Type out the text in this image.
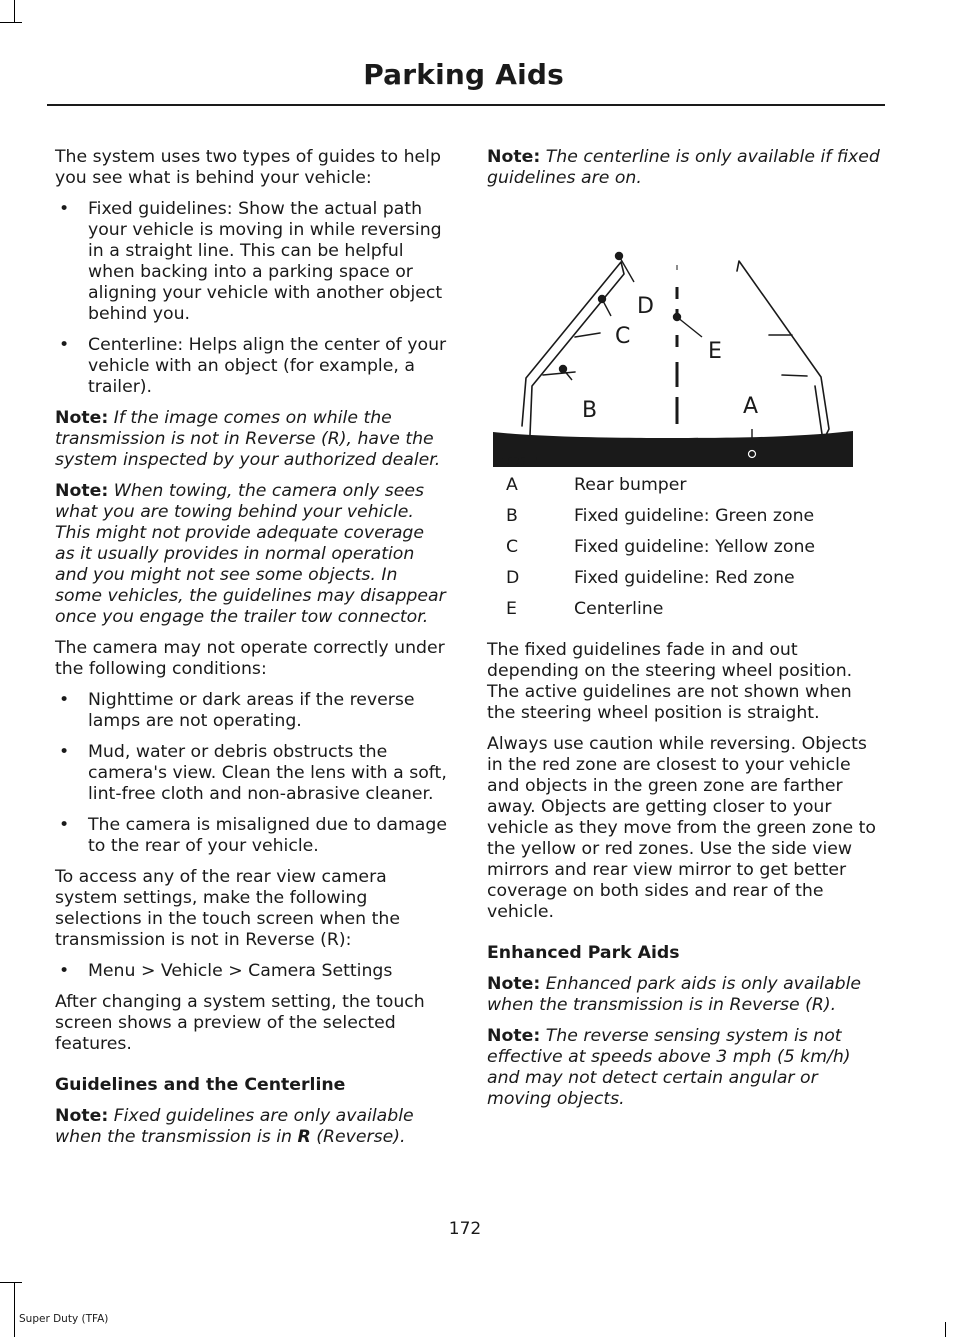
Parking Aids

The system uses two types of guides to help you see what is behind your vehicle:

• Fixed guidelines: Show the actual path your vehicle is moving in while reversing in a straight line. This can be helpful when backing into a parking space or aligning your vehicle with another object behind you.
• Centerline: Helps align the center of your vehicle with an object (for example, a trailer).

Note: If the image comes on while the transmission is not in Reverse (R), have the system inspected by your authorized dealer.

Note: When towing, the camera only sees what you are towing behind your vehicle. This might not provide adequate coverage as it usually provides in normal operation and you might not see some objects. In some vehicles, the guidelines may disappear once you engage the trailer tow connector.

The camera may not operate correctly under the following conditions:

• Nighttime or dark areas if the reverse lamps are not operating.
• Mud, water or debris obstructs the camera's view. Clean the lens with a soft, lint-free cloth and non-abrasive cleaner.
• The camera is misaligned due to damage to the rear of your vehicle.

To access any of the rear view camera system settings, make the following selections in the touch screen when the transmission is not in Reverse (R):

• Menu > Vehicle > Camera Settings

After changing a system setting, the touch screen shows a preview of the selected features.

Guidelines and the Centerline

Note: Fixed guidelines are only available when the transmission is in R (Reverse).

Note: The centerline is only available if fixed guidelines are on.

A
B
C
D
E
E163914
A	Rear bumper
B	Fixed guideline: Green zone
C	Fixed guideline: Yellow zone
D	Fixed guideline: Red zone
E	Centerline

The fixed guidelines fade in and out depending on the steering wheel position. The active guidelines are not shown when the steering wheel position is straight.

Always use caution while reversing. Objects in the red zone are closest to your vehicle and objects in the green zone are farther away. Objects are getting closer to your vehicle as they move from the green zone to the yellow or red zones. Use the side view mirrors and rear view mirror to get better coverage on both sides and rear of the vehicle.

Enhanced Park Aids

Note: Enhanced park aids is only available when the transmission is in Reverse (R).

Note: The reverse sensing system is not effective at speeds above 3 mph (5 km/h) and may not detect certain angular or moving objects.

172
Super Duty (TFA)
